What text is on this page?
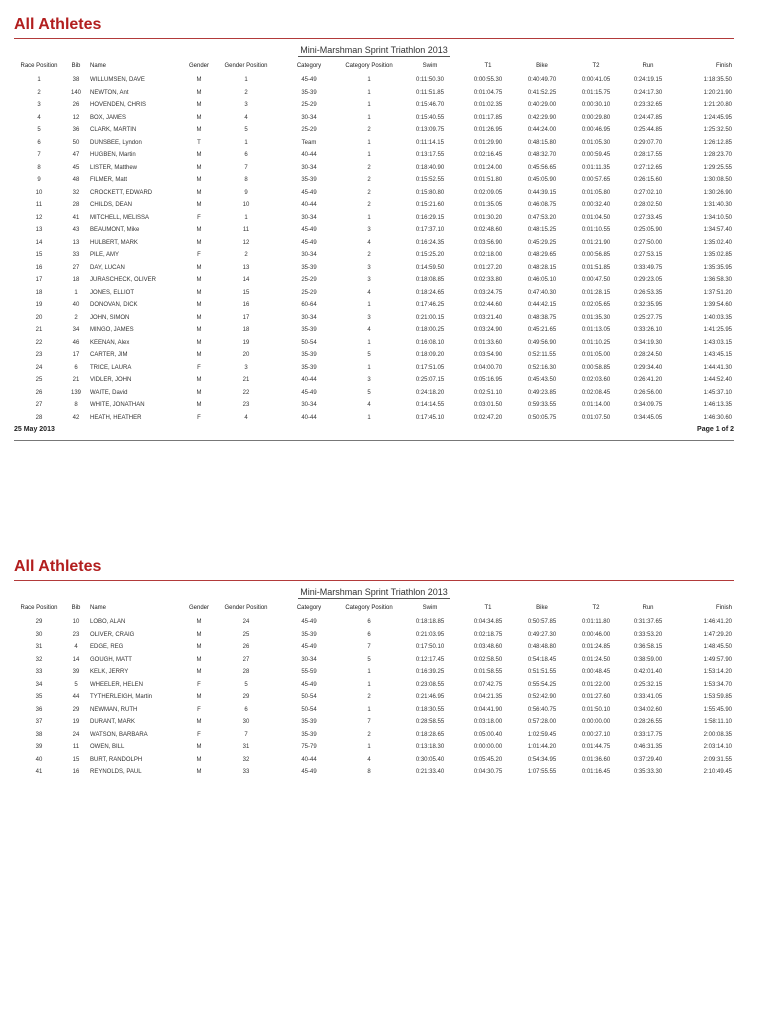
All Athletes
Mini-Marshman Sprint Triathlon 2013
Race Position	Bib	Name	Gender	Gender Position	Category	Category Position	Swim	T1	Bike	T2	Run	Finish
1	38	WILLUMSEN, DAVE	M	1	45-49	1	0:11:50.30	0:00:55.30	0:40:49.70	0:00:41.05	0:24:19.15	1:18:35.50
2	140	NEWTON, Ant	M	2	35-39	1	0:11:51.85	0:01:04.75	0:41:52.25	0:01:15.75	0:24:17.30	1:20:21.90
3	26	HOVENDEN, CHRIS	M	3	25-29	1	0:15:46.70	0:01:02.35	0:40:29.00	0:00:30.10	0:23:32.65	1:21:20.80
4	12	BOX, JAMES	M	4	30-34	1	0:15:40.55	0:01:17.85	0:42:29.90	0:00:29.80	0:24:47.85	1:24:45.95
5	36	CLARK, MARTIN	M	5	25-29	2	0:13:09.75	0:01:26.95	0:44:24.00	0:00:46.95	0:25:44.85	1:25:32.50
6	50	DUNSBEE, Lyndon	T	1	Team	1	0:11:14.15	0:01:29.90	0:48:15.80	0:01:05.30	0:29:07.70	1:26:12.85
7	47	HUGBEN, Martin	M	6	40-44	1	0:13:17.55	0:02:16.45	0:48:32.70	0:00:59.45	0:28:17.55	1:28:23.70
8	45	LISTER, Matthew	M	7	30-34	2	0:18:40.90	0:01:24.00	0:45:56.65	0:01:11.35	0:27:12.65	1:29:25.55
9	48	FILMER, Matt	M	8	35-39	2	0:15:52.55	0:01:51.80	0:45:05.90	0:00:57.65	0:26:15.60	1:30:08.50
10	32	CROCKETT, EDWARD	M	9	45-49	2	0:15:80.80	0:02:09.05	0:44:39.15	0:01:05.80	0:27:02.10	1:30:26.90
11	28	CHILDS, DEAN	M	10	40-44	2	0:15:21.60	0:01:35.05	0:46:08.75	0:00:32.40	0:28:02.50	1:31:40.30
12	41	MITCHELL, MELISSA	F	1	30-34	1	0:16:29.15	0:01:30.20	0:47:53.20	0:01:04.50	0:27:33.45	1:34:10.50
13	43	BEAUMONT, Mike	M	11	45-49	3	0:17:37.10	0:02:48.60	0:48:15.25	0:01:10.55	0:25:05.90	1:34:57.40
14	13	HULBERT, MARK	M	12	45-49	4	0:16:24.35	0:03:56.90	0:45:29.25	0:01:21.90	0:27:50.00	1:35:02.40
15	33	PILE, AMY	F	2	30-34	2	0:15:25.20	0:02:18.00	0:48:29.65	0:00:56.85	0:27:53.15	1:35:02.85
16	27	DAY, LUCAN	M	13	35-39	3	0:14:59.50	0:01:27.20	0:48:28.15	0:01:51.85	0:33:49.75	1:35:35.95
17	18	JURASCHECK, OLIVER	M	14	25-29	3	0:18:08.85	0:02:33.80	0:46:05.10	0:00:47.50	0:29:23.05	1:36:58.30
18	1	JONES, ELLIOT	M	15	25-29	4	0:18:24.65	0:03:24.75	0:47:40.30	0:01:28.15	0:26:53.35	1:37:51.20
19	40	DONOVAN, DICK	M	16	60-64	1	0:17:46.25	0:02:44.60	0:44:42.15	0:02:05.65	0:32:35.95	1:39:54.60
20	2	JOHN, SIMON	M	17	30-34	3	0:21:00.15	0:03:21.40	0:48:38.75	0:01:35.30	0:25:27.75	1:40:03.35
21	34	MINGO, JAMES	M	18	35-39	4	0:18:00.25	0:03:24.90	0:45:21.65	0:01:13.05	0:33:26.10	1:41:25.95
22	46	KEENAN, Alex	M	19	50-54	1	0:16:08.10	0:01:33.60	0:49:56.90	0:01:10.25	0:34:19.30	1:43:03.15
23	17	CARTER, JIM	M	20	35-39	5	0:18:09.20	0:03:54.90	0:52:11.55	0:01:05.00	0:28:24.50	1:43:45.15
24	6	TRICE, LAURA	F	3	35-39	1	0:17:51.05	0:04:00.70	0:52:16.30	0:00:58.85	0:29:34.40	1:44:41.30
25	21	VIDLER, JOHN	M	21	40-44	3	0:25:07.15	0:05:16.95	0:45:43.50	0:02:03.60	0:26:41.20	1:44:52.40
26	139	WAITE, David	M	22	45-49	5	0:24:18.20	0:02:51.10	0:49:23.85	0:02:08.45	0:26:56.00	1:45:37.10
27	8	WHITE, JONATHAN	M	23	30-34	4	0:14:14.55	0:03:01.50	0:59:33.55	0:01:14.00	0:34:09.75	1:46:13.35
28	42	HEATH, HEATHER	F	4	40-44	1	0:17:45.10	0:02:47.20	0:50:05.75	0:01:07.50	0:34:45.05	1:46:30.60
25 May 2013	Page 1 of 2
All Athletes
Mini-Marshman Sprint Triathlon 2013
Race Position	Bib	Name	Gender	Gender Position	Category	Category Position	Swim	T1	Bike	T2	Run	Finish
29	10	LOBO, ALAN	M	24	45-49	6	0:18:18.85	0:04:34.85	0:50:57.85	0:01:11.80	0:31:37.65	1:46:41.20
30	23	OLIVER, CRAIG	M	25	35-39	6	0:21:03.95	0:02:18.75	0:49:27.30	0:00:46.00	0:33:53.20	1:47:29.20
31	4	EDGE, REG	M	26	45-49	7	0:17:50.10	0:03:48.60	0:48:48.80	0:01:24.85	0:36:58.15	1:48:45.50
32	14	GOUGH, MATT	M	27	30-34	5	0:12:17.45	0:02:58.50	0:54:18.45	0:01:24.50	0:38:59.00	1:49:57.90
33	39	KELK, JERRY	M	28	55-59	1	0:16:39.25	0:01:58.55	0:51:51.55	0:00:48.45	0:42:01.40	1:53:14.20
34	5	WHEELER, HELEN	F	5	45-49	1	0:23:08.55	0:07:42.75	0:55:54.25	0:01:22.00	0:25:32.15	1:53:34.70
35	44	TYTHERLEIGH, Martin	M	29	50-54	2	0:21:46.95	0:04:21.35	0:52:42.90	0:01:27.60	0:33:41.05	1:53:59.85
36	29	NEWMAN, RUTH	F	6	50-54	1	0:18:30.55	0:04:41.90	0:56:40.75	0:01:50.10	0:34:02.60	1:55:45.90
37	19	DURANT, MARK	M	30	35-39	7	0:28:58.55	0:03:18.00	0:57:28.00	0:00:00.00	0:28:26.55	1:58:11.10
38	24	WATSON, BARBARA	F	7	35-39	2	0:18:28.65	0:05:00.40	1:02:59.45	0:00:27.10	0:33:17.75	2:00:08.35
39	11	OWEN, BILL	M	31	75-79	1	0:13:18.30	0:00:00.00	1:01:44.20	0:01:44.75	0:46:31.35	2:03:14.10
40	15	BURT, RANDOLPH	M	32	40-44	4	0:30:05.40	0:05:45.20	0:54:34.95	0:01:36.60	0:37:29.40	2:09:31.55
41	16	REYNOLDS, PAUL	M	33	45-49	8	0:21:33.40	0:04:30.75	1:07:55.55	0:01:16.45	0:35:33.30	2:10:49.45
